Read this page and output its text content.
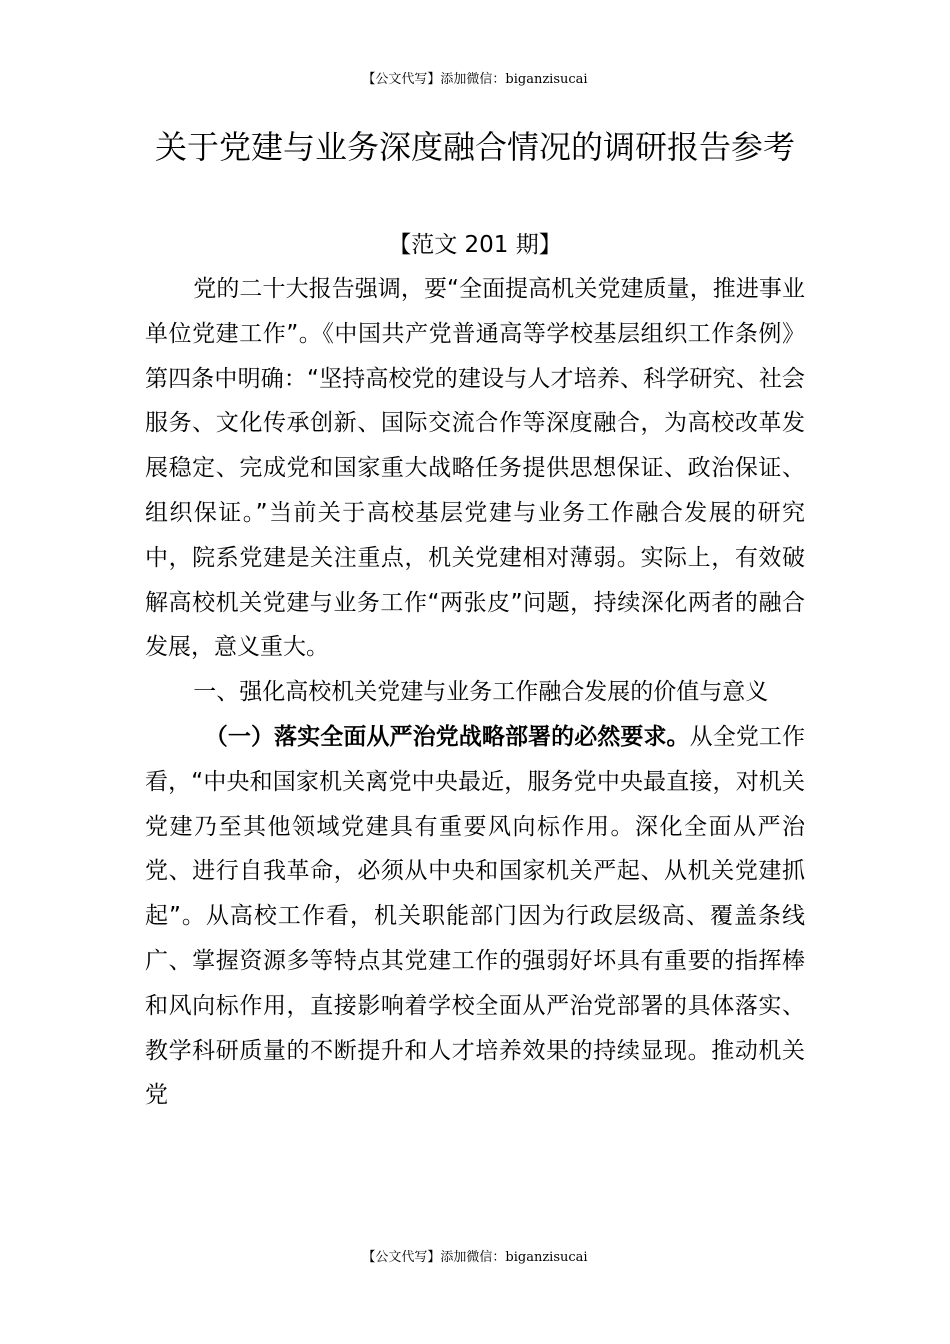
【公文代写】添加微信：biganzisucai
关于党建与业务深度融合情况的调研报告参考
【范文 201 期】

党的二十大报告强调，要“全面提高机关党建质量，推进事业单位党建工作”。《中国共产党普通高等学校基层组织工作条例》第四条中明确：“坚持高校党的建设与人才培养、科学研究、社会服务、文化传承创新、国际交流合作等深度融合，为高校改革发展稳定、完成党和国家重大战略任务提供思想保证、政治保证、组织保证。”当前关于高校基层党建与业务工作融合发展的研究中，院系党建是关注重点，机关党建相对薄弱。实际上，有效破解高校机关党建与业务工作“两张皮”问题，持续深化两者的融合发展，意义重大。

一、强化高校机关党建与业务工作融合发展的价值与意义

（一）落实全面从严治党战略部署的必然要求。从全党工作看，“中央和国家机关离党中央最近，服务党中央最直接，对机关党建乃至其他领域党建具有重要风向标作用。深化全面从严治党、进行自我革命，必须从中央和国家机关严起、从机关党建抓起”。从高校工作看，机关职能部门因为行政层级高、覆盖条线广、掌握资源多等特点其党建工作的强弱好坏具有重要的指挥棒和风向标作用，直接影响着学校全面从严治党部署的具体落实、教学科研质量的不断提升和人才培养效果的持续显现。推动机关党

【公文代写】添加微信：biganzisucai
